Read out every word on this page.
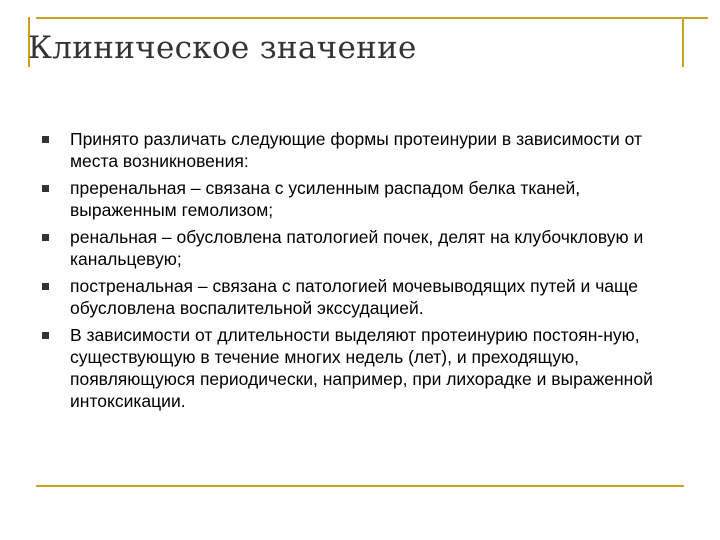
Клиническое значение
Принято различать следующие формы протеинурии в зависимости от места возникновения:
преренальная – связана с усиленным распадом белка тканей, выраженным гемолизом;
ренальная – обусловлена патологией почек, делят на клубочкловую и канальцевую;
постренальная – связана с патологией мочевыводящих путей и чаще обусловлена воспалительной экссудацией.
В зависимости от длительности выделяют протеинурию постоян-ную, существующую в течение многих недель (лет), и преходящую, появляющуюся периодически, например, при лихорадке и выраженной интоксикации.
